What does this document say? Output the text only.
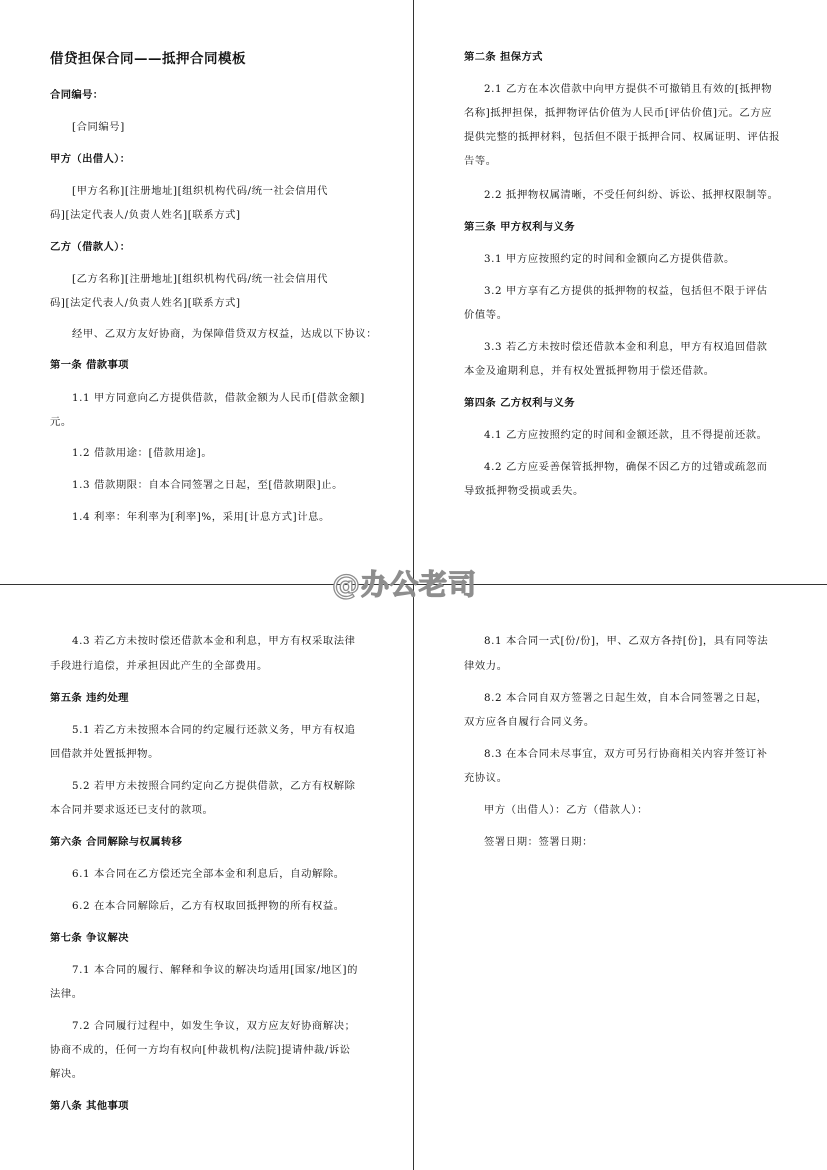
借贷担保合同——抵押合同模板
合同编号：
[合同编号]
甲方（出借人）：
[甲方名称][注册地址][组织机构代码/统一社会信用代
码][法定代表人/负责人姓名][联系方式]
乙方（借款人）：
[乙方名称][注册地址][组织机构代码/统一社会信用代
码][法定代表人/负责人姓名][联系方式]
经甲、乙双方友好协商，为保障借贷双方权益，达成以下协议：
第一条 借款事项
1.1 甲方同意向乙方提供借款，借款金额为人民币[借款金额]
元。
1.2 借款用途：[借款用途]。
1.3 借款期限：自本合同签署之日起，至[借款期限]止。
1.4 利率：年利率为[利率]%，采用[计息方式]计息。
第二条 担保方式
2.1 乙方在本次借款中向甲方提供不可撤销且有效的[抵押物
名称]抵押担保，抵押物评估价值为人民币[评估价值]元。乙方应
提供完整的抵押材料，包括但不限于抵押合同、权属证明、评估报
告等。
2.2 抵押物权属清晰，不受任何纠纷、诉讼、抵押权限制等。
第三条 甲方权利与义务
3.1 甲方应按照约定的时间和金额向乙方提供借款。
3.2 甲方享有乙方提供的抵押物的权益，包括但不限于评估
价值等。
3.3 若乙方未按时偿还借款本金和利息，甲方有权追回借款
本金及逾期利息，并有权处置抵押物用于偿还借款。
第四条 乙方权利与义务
4.1 乙方应按照约定的时间和金额还款，且不得提前还款。
4.2 乙方应妥善保管抵押物，确保不因乙方的过错或疏忽而
导致抵押物受损或丢失。
4.3 若乙方未按时偿还借款本金和利息，甲方有权采取法律
手段进行追偿，并承担因此产生的全部费用。
第五条 违约处理
5.1 若乙方未按照本合同的约定履行还款义务，甲方有权追
回借款并处置抵押物。
5.2 若甲方未按照合同约定向乙方提供借款，乙方有权解除
本合同并要求返还已支付的款项。
第六条 合同解除与权属转移
6.1 本合同在乙方偿还完全部本金和利息后，自动解除。
6.2 在本合同解除后，乙方有权取回抵押物的所有权益。
第七条 争议解决
7.1 本合同的履行、解释和争议的解决均适用[国家/地区]的
法律。
7.2 合同履行过程中，如发生争议，双方应友好协商解决；
协商不成的，任何一方均有权向[仲裁机构/法院]提请仲裁/诉讼
解决。
第八条 其他事项
8.1 本合同一式[份/份]，甲、乙双方各持[份]，具有同等法
律效力。
8.2 本合同自双方签署之日起生效，自本合同签署之日起，
双方应各自履行合同义务。
8.3 在本合同未尽事宜，双方可另行协商相关内容并签订补
充协议。
甲方（出借人）：乙方（借款人）：
签署日期：签署日期：
@办公老司
